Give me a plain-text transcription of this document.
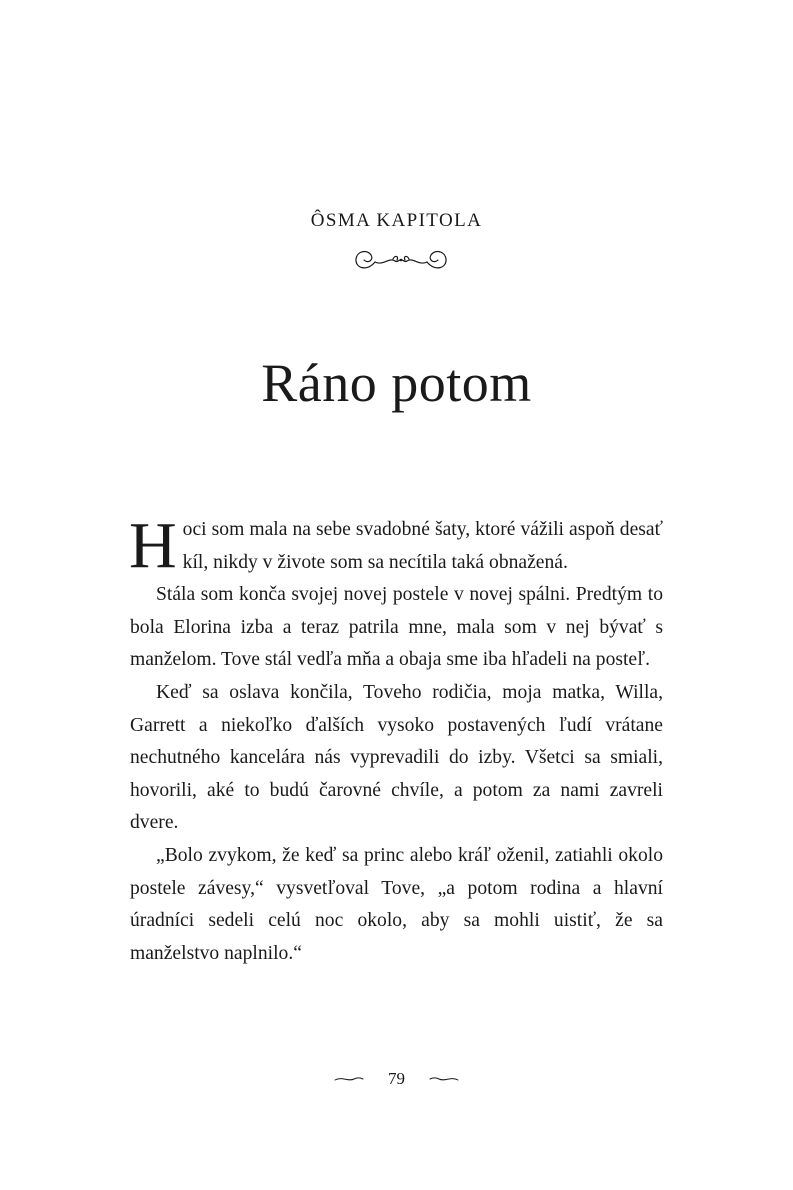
ÔSMA KAPITOLA
Ráno potom

Hoci som mala na sebe svadobné šaty, ktoré vážili aspoň desať kíl, nikdy v živote som sa necítila taká obnažená.

Stála som konča svojej novej postele v novej spálni. Predtým to bola Elorina izba a teraz patrila mne, mala som v nej bývať s manželom. Tove stál vedľa mňa a obaja sme iba hľadeli na posteľ.

Keď sa oslava končila, Toveho rodičia, moja matka, Willa, Garrett a niekoľko ďalších vysoko postavených ľudí vrátane nechutného kancelára nás vyprevadili do izby. Všetci sa smiali, hovorili, aké to budú čarovné chvíle, a potom za nami zavreli dvere.

„Bolo zvykom, že keď sa princ alebo kráľ oženil, zatiahli okolo postele závesy,“ vysvetľoval Tove, „a potom rodina a hlavní úradníci sedeli celú noc okolo, aby sa mohli uistiť, že sa manželstvo naplnilo.“

79
